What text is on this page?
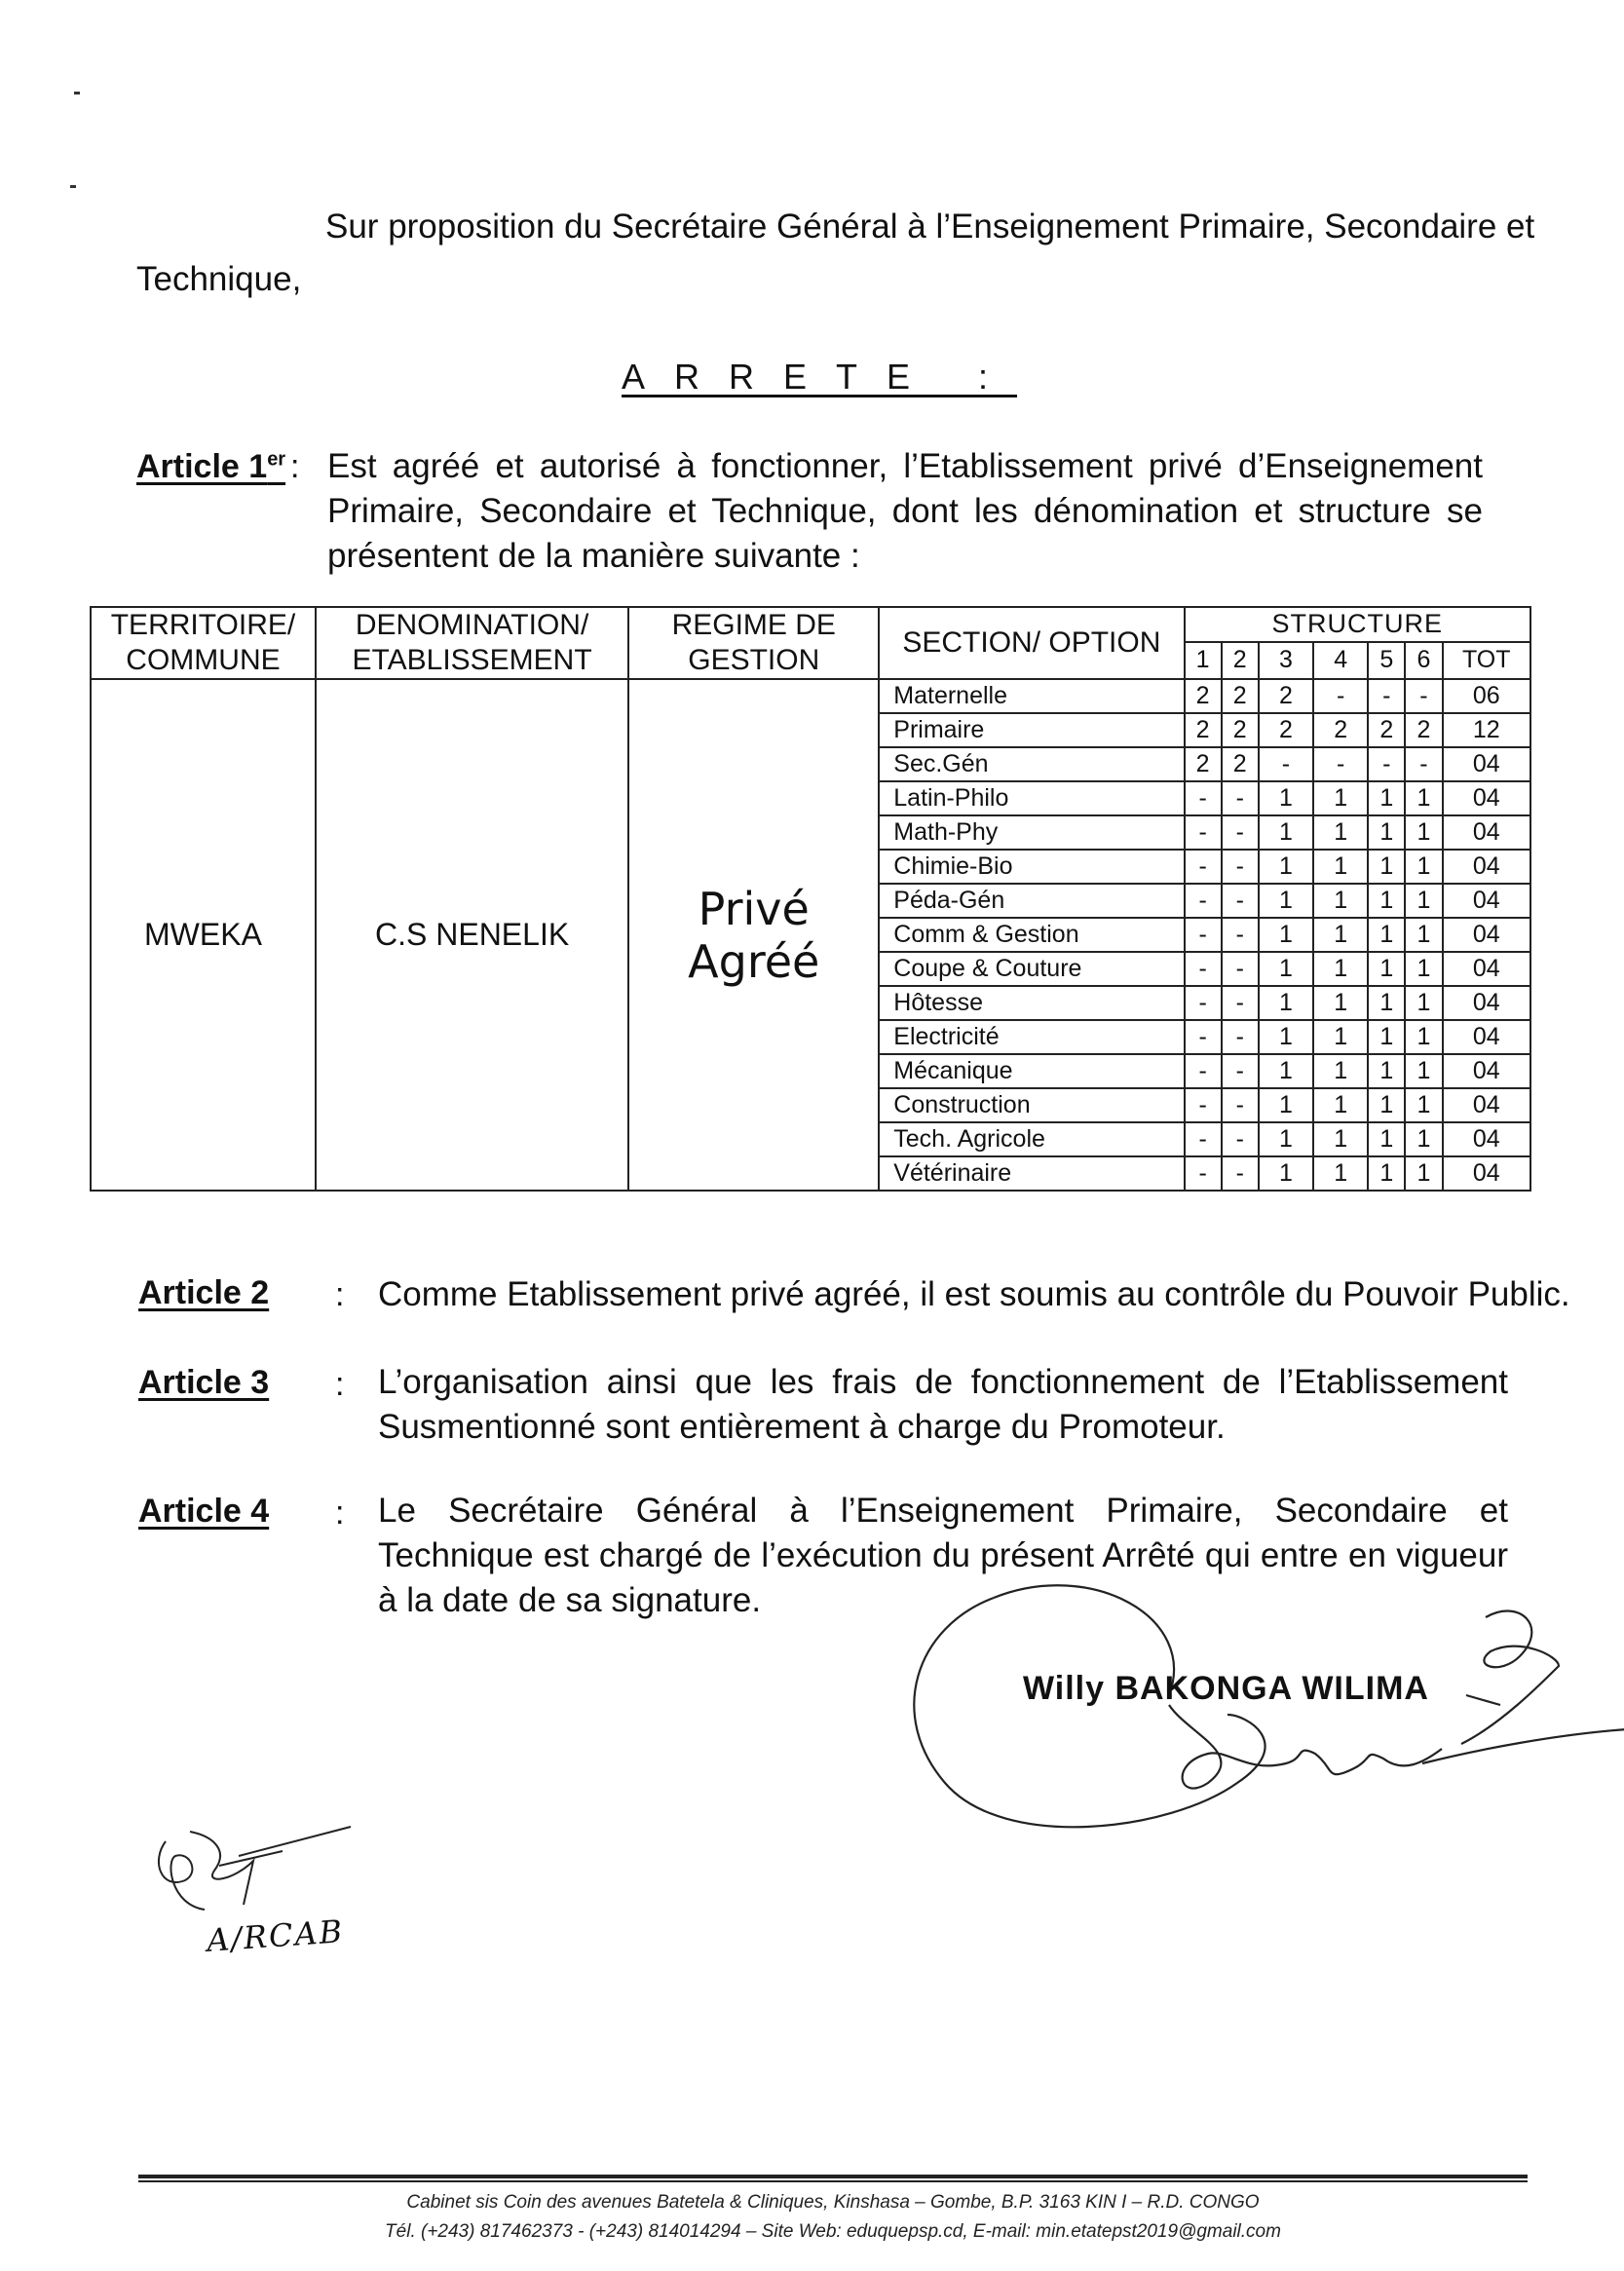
Sur proposition du Secrétaire Général à l’Enseignement Primaire, Secondaire et
Technique,
ARRETE :
Article 1er : Est agréé et autorisé à fonctionner, l’Etablissement privé d’Enseignement Primaire, Secondaire et Technique, dont les dénomination et structure se présentent de la manière suivante :
TERRITOIRE/ COMMUNE	DENOMINATION/ ETABLISSEMENT	REGIME DE GESTION	SECTION/ OPTION	STRUCTURE						
				1	2	3	4	5	6	TOT
MWEKA	C.S NENELIK	Privé Agréé	Maternelle	2	2	2	-	-	-	06
			Primaire	2	2	2	2	2	2	12
			Sec.Gén	2	2	-	-	-	-	04
			Latin-Philo	-	-	1	1	1	1	04
			Math-Phy	-	-	1	1	1	1	04
			Chimie-Bio	-	-	1	1	1	1	04
			Péda-Gén	-	-	1	1	1	1	04
			Comm & Gestion	-	-	1	1	1	1	04
			Coupe & Couture	-	-	1	1	1	1	04
			Hôtesse	-	-	1	1	1	1	04
			Electricité	-	-	1	1	1	1	04
			Mécanique	-	-	1	1	1	1	04
			Construction	-	-	1	1	1	1	04
			Tech. Agricole	-	-	1	1	1	1	04
			Vétérinaire	-	-	1	1	1	1	04
Article 2 : Comme Etablissement privé agréé, il est soumis au contrôle du Pouvoir Public.
Article 3 : L’organisation ainsi que les frais de fonctionnement de l’Etablissement Susmentionné sont entièrement à charge du Promoteur.
Article 4 : Le Secrétaire Général à l’Enseignement Primaire, Secondaire et Technique est chargé de l’exécution du présent Arrêté qui entre en vigueur à la date de sa signature.
Willy BAKONGA WILIMA
A/RCAB
Cabinet sis Coin des avenues Batetela & Cliniques, Kinshasa – Gombe, B.P. 3163 KIN I – R.D. CONGO
Tél. (+243) 817462373 - (+243) 814014294 – Site Web: eduquepsp.cd, E-mail: min.etatepst2019@gmail.com
